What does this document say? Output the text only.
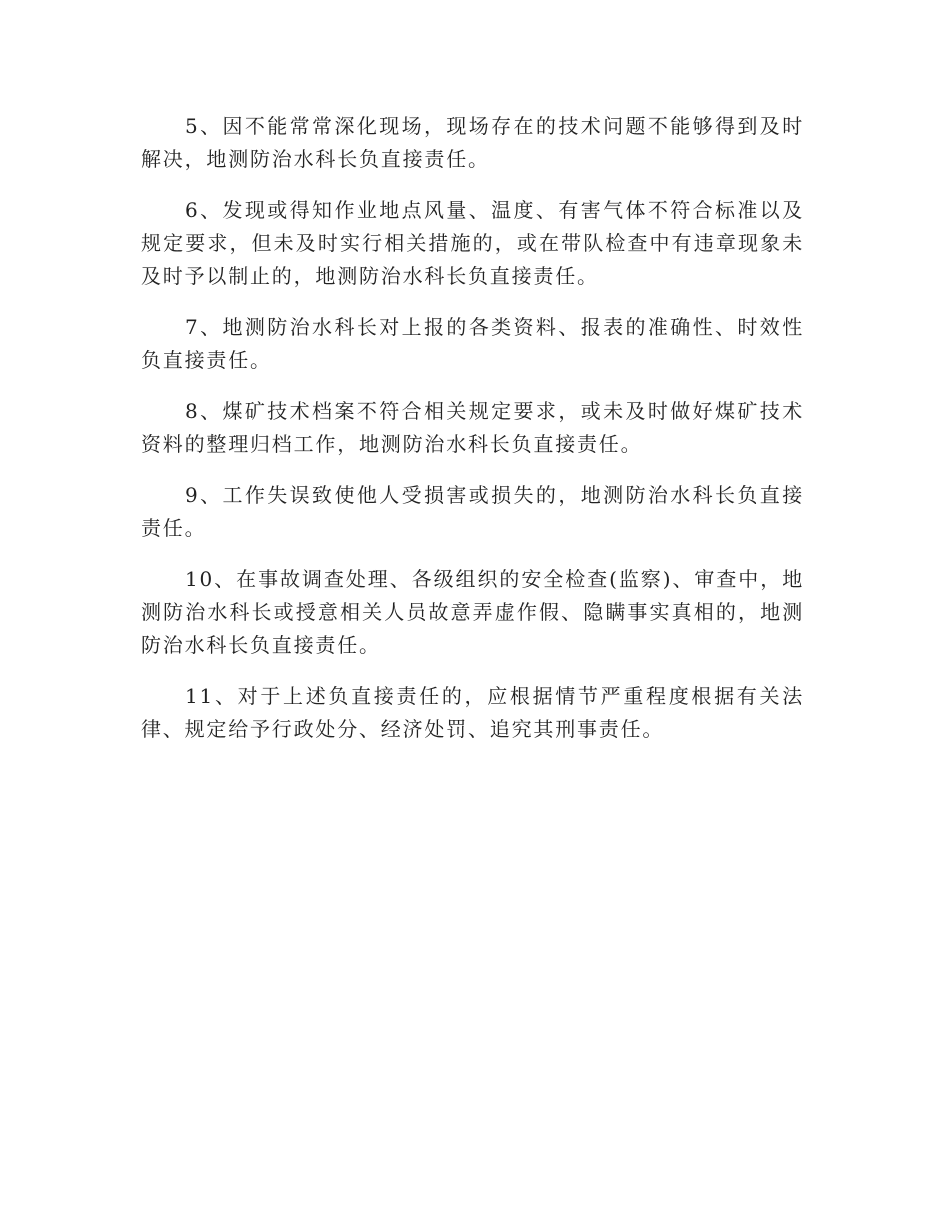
5、因不能常常深化现场，现场存在的技术问题不能够得到及时解决，地测防治水科长负直接责任。

6、发现或得知作业地点风量、温度、有害气体不符合标准以及规定要求，但未及时实行相关措施的，或在带队检查中有违章现象未及时予以制止的，地测防治水科长负直接责任。

7、地测防治水科长对上报的各类资料、报表的准确性、时效性负直接责任。

8、煤矿技术档案不符合相关规定要求，或未及时做好煤矿技术资料的整理归档工作，地测防治水科长负直接责任。

9、工作失误致使他人受损害或损失的，地测防治水科长负直接责任。

10、在事故调查处理、各级组织的安全检查(监察)、审查中，地测防治水科长或授意相关人员故意弄虚作假、隐瞒事实真相的，地测防治水科长负直接责任。

11、对于上述负直接责任的，应根据情节严重程度根据有关法律、规定给予行政处分、经济处罚、追究其刑事责任。
